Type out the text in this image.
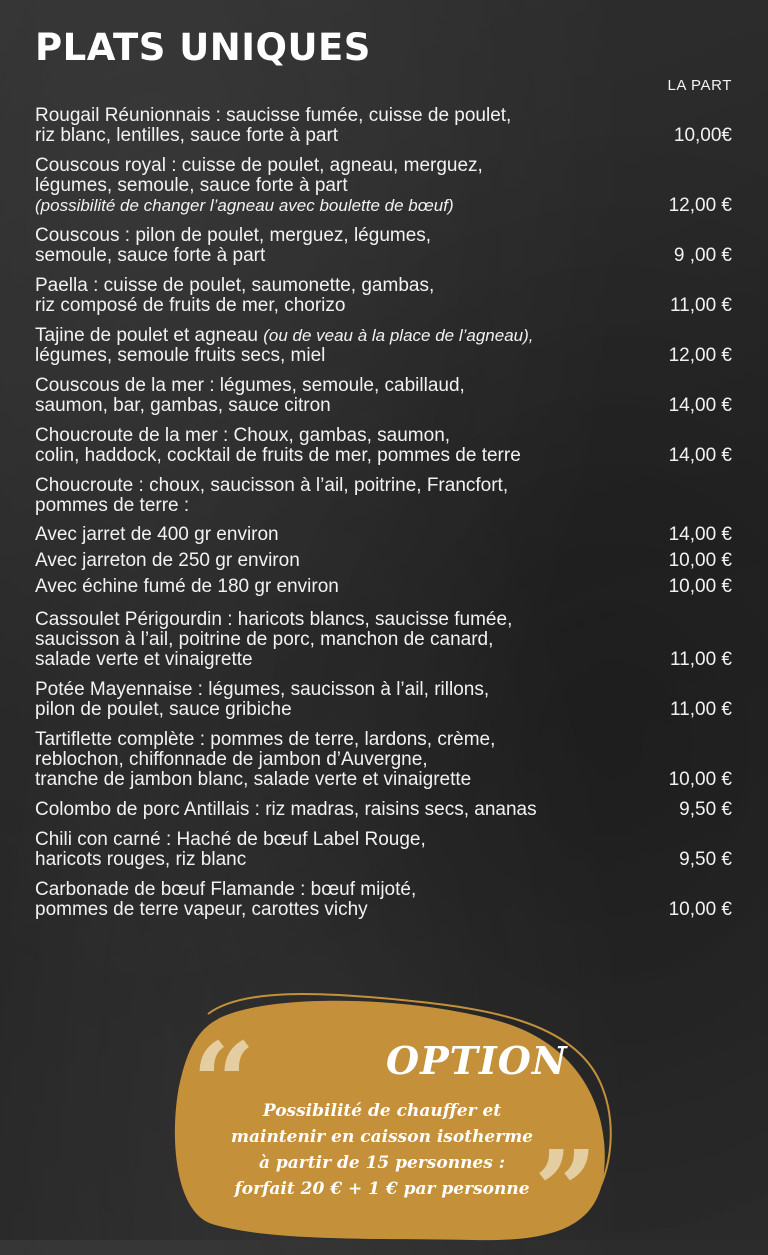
PLATS UNIQUES
LA PART
Rougail Réunionnais : saucisse fumée, cuisse de poulet,
riz blanc, lentilles, sauce forte à part	10,00€
Couscous royal : cuisse de poulet, agneau, merguez,
légumes, semoule, sauce forte à part
(possibilité de changer l’agneau avec boulette de bœuf)	12,00 €
Couscous : pilon de poulet, merguez, légumes,
semoule, sauce forte à part	9 ,00 €
Paella : cuisse de poulet, saumonette, gambas,
riz composé de fruits de mer, chorizo	11,00 €
Tajine de poulet et agneau (ou de veau à la place de l’agneau),
légumes, semoule fruits secs, miel	12,00 €
Couscous de la mer : légumes, semoule, cabillaud,
saumon, bar, gambas, sauce citron	14,00 €
Choucroute de la mer : Choux, gambas, saumon,
colin, haddock, cocktail de fruits de mer, pommes de terre	14,00 €
Choucroute : choux, saucisson à l’ail, poitrine, Francfort,
pommes de terre :
Avec jarret de 400 gr environ	14,00 €
Avec jarreton de 250 gr environ	10,00 €
Avec échine fumé de 180 gr environ	10,00 €
Cassoulet Périgourdin : haricots blancs, saucisse fumée,
saucisson à l’ail, poitrine de porc, manchon de canard,
salade verte et vinaigrette	11,00 €
Potée Mayennaise : légumes, saucisson à l’ail, rillons,
pilon de poulet, sauce gribiche	11,00 €
Tartiflette complète : pommes de terre, lardons, crème,
reblochon, chiffonnade de jambon d’Auvergne,
tranche de jambon blanc, salade verte et vinaigrette	10,00 €
Colombo de porc Antillais : riz madras, raisins secs, ananas	9,50 €
Chili con carné : Haché de bœuf Label Rouge,
haricots rouges, riz blanc	9,50 €
Carbonade de bœuf Flamande : bœuf mijoté,
pommes de terre vapeur, carottes vichy	10,00 €
“	OPTION
Possibilité de chauffer et
maintenir en caisson isotherme
à partir de 15 personnes :
forfait 20 € + 1 € par personne ”
